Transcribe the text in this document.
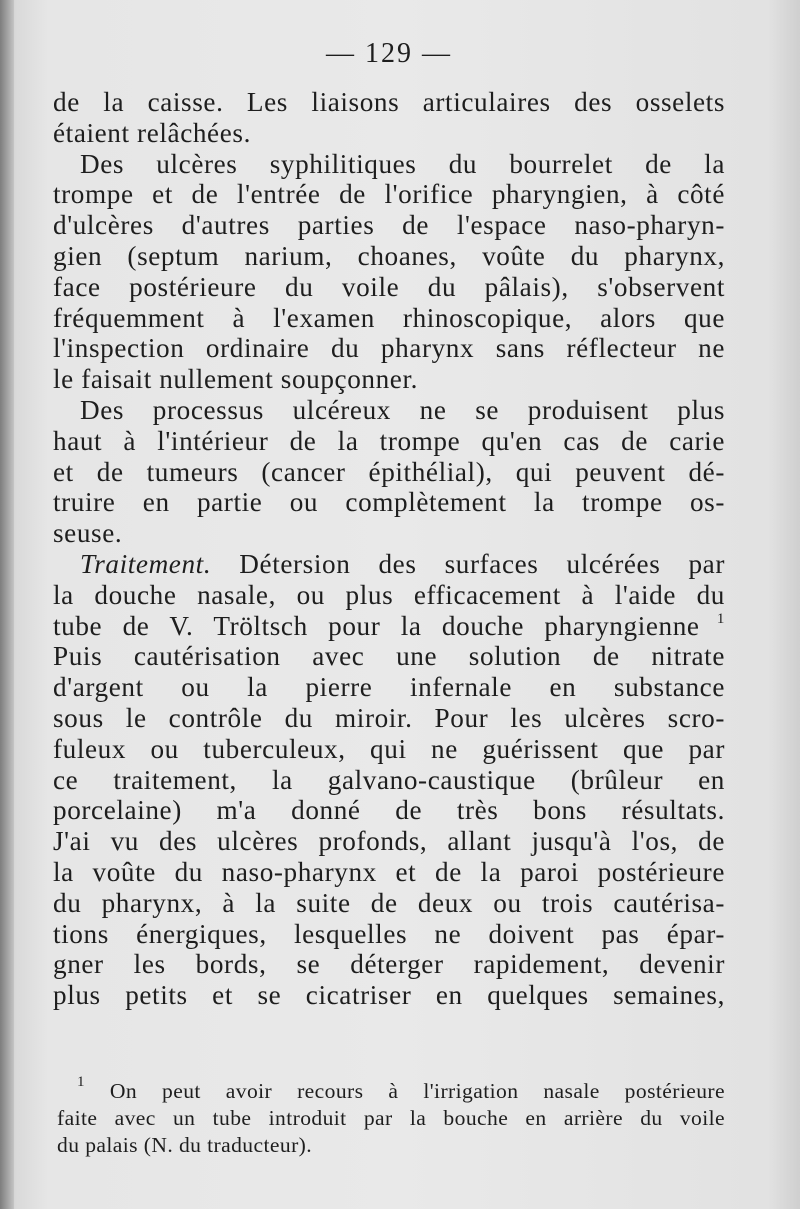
— 129 —
de la caisse. Les liaisons articulaires des osselets
étaient relâchées.
Des ulcères syphilitiques du bourrelet de la
trompe et de l'entrée de l'orifice pharyngien, à côté
d'ulcères d'autres parties de l'espace naso-pharyn-
gien (septum narium, choanes, voûte du pharynx,
face postérieure du voile du pâlais), s'observent
fréquemment à l'examen rhinoscopique, alors que
l'inspection ordinaire du pharynx sans réflecteur ne
le faisait nullement soupçonner.
Des processus ulcéreux ne se produisent plus
haut à l'intérieur de la trompe qu'en cas de carie
et de tumeurs (cancer épithélial), qui peuvent dé-
truire en partie ou complètement la trompe os-
seuse.
Traitement. Détersion des surfaces ulcérées par
la douche nasale, ou plus efficacement à l'aide du
tube de V. Tröltsch pour la douche pharyngienne $^1$
Puis cautérisation avec une solution de nitrate
d'argent ou la pierre infernale en substance
sous le contrôle du miroir. Pour les ulcères scro-
fuleux ou tuberculeux, qui ne guérissent que par
ce traitement, la galvano-caustique (brûleur en
porcelaine) m'a donné de très bons résultats.
J'ai vu des ulcères profonds, allant jusqu'à l'os, de
la voûte du naso-pharynx et de la paroi postérieure
du pharynx, à la suite de deux ou trois cautérisa-
tions énergiques, lesquelles ne doivent pas épar-
gner les bords, se déterger rapidement, devenir
plus petits et se cicatriser en quelques semaines,
$^1$ On peut avoir recours à l'irrigation nasale postérieure
faite avec un tube introduit par la bouche en arrière du voile
du palais (N. du traducteur).
